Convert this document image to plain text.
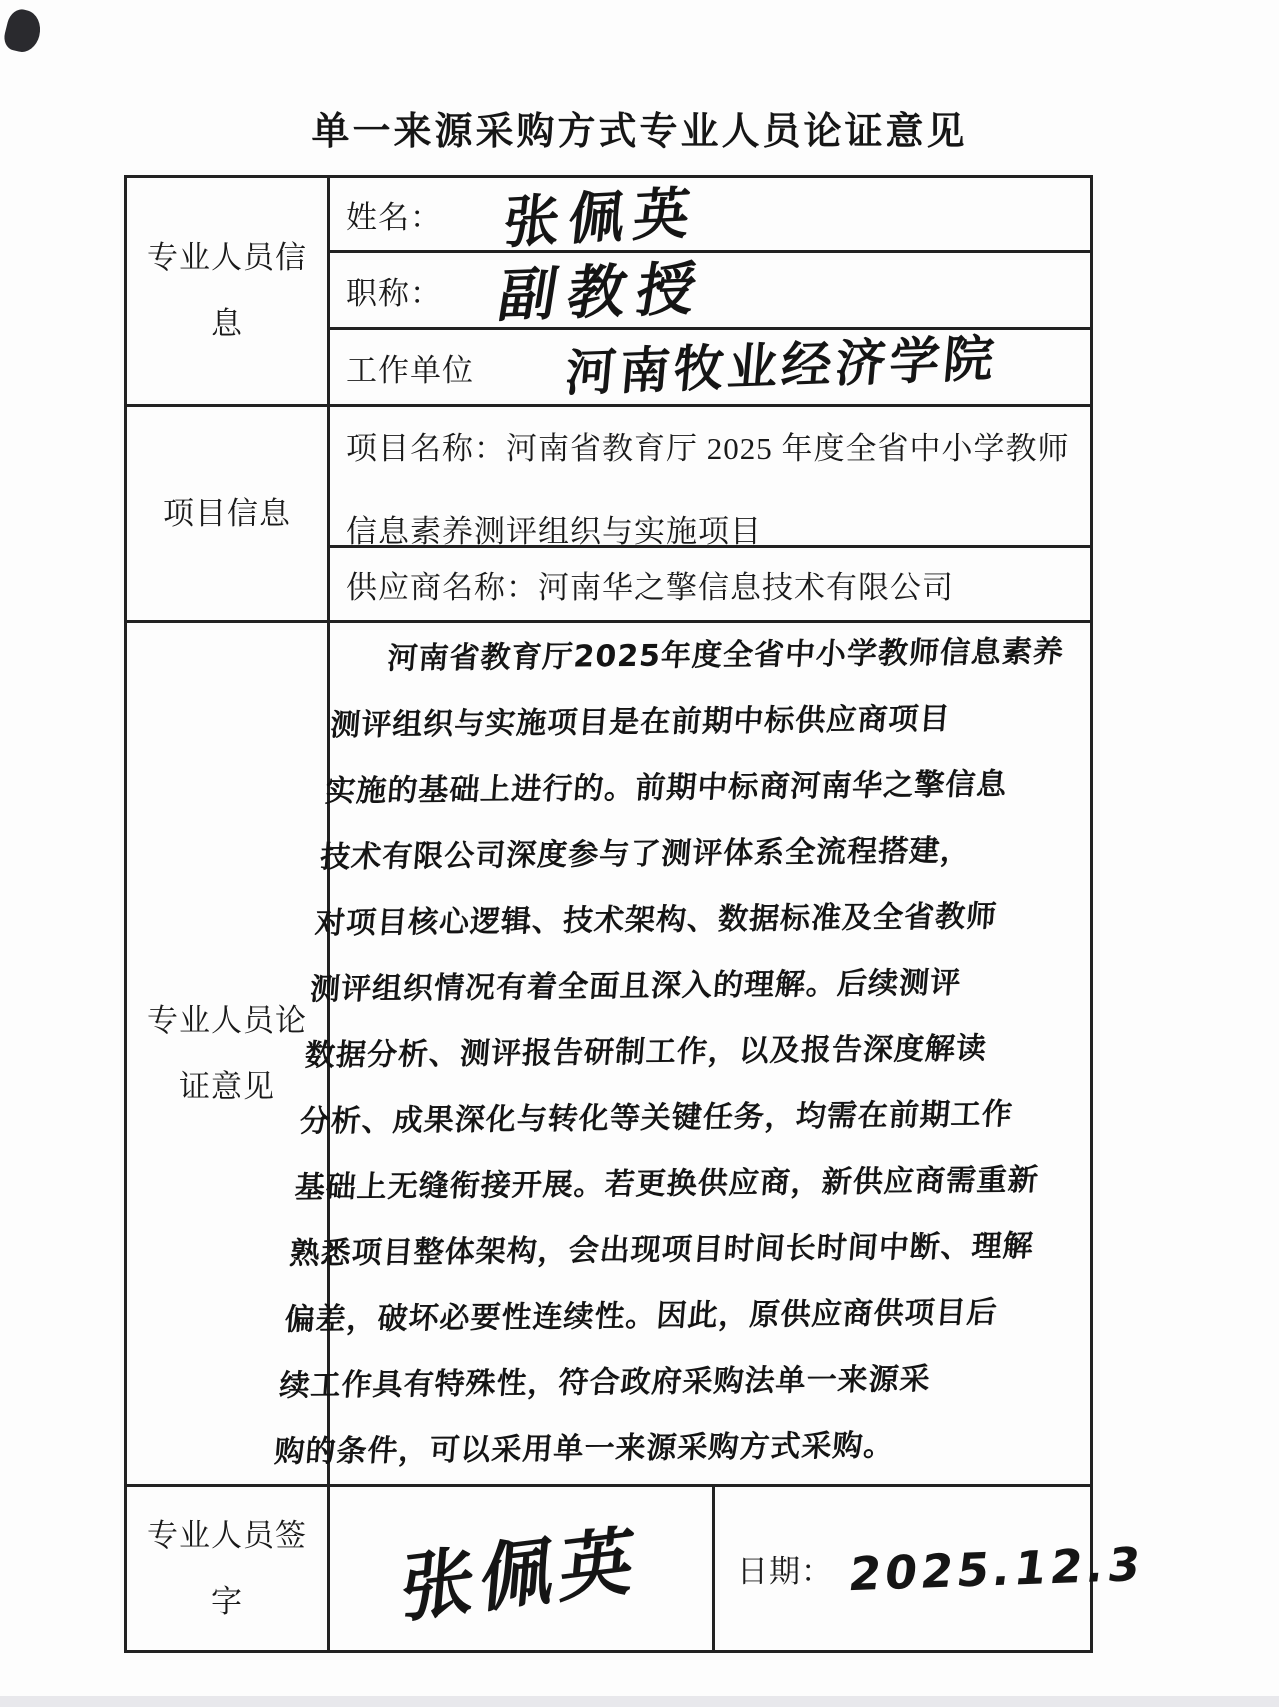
单一来源采购方式专业人员论证意见
专业人员信息
姓名： 张佩英
职称： 副教授
工作单位 河南牧业经济学院
项目信息
项目名称：河南省教育厅 2025 年度全省中小学教师
信息素养测评组织与实施项目
供应商名称： 河南华之擎信息技术有限公司
专业人员论证意见
河南省教育厅2025年度全省中小学教师信息素养
测评组织与实施项目是在前期中标供应商项目
实施的基础上进行的。前期中标商河南华之擎信息
技术有限公司深度参与了测评体系全流程搭建，
对项目核心逻辑、技术架构、数据标准及全省教师
测评组织情况有着全面且深入的理解。后续测评
数据分析、测评报告研制工作，以及报告深度解读
分析、成果深化与转化等关键任务，均需在前期工作
基础上无缝衔接开展。若更换供应商，新供应商需重新
熟悉项目整体架构，会出现项目时间长时间中断、理解
偏差，破坏必要性连续性。因此，原供应商供项目后
续工作具有特殊性，符合政府采购法单一来源采
购的条件，可以采用单一来源采购方式采购。
专业人员签字	张佩英	日期： 2025.12.3
